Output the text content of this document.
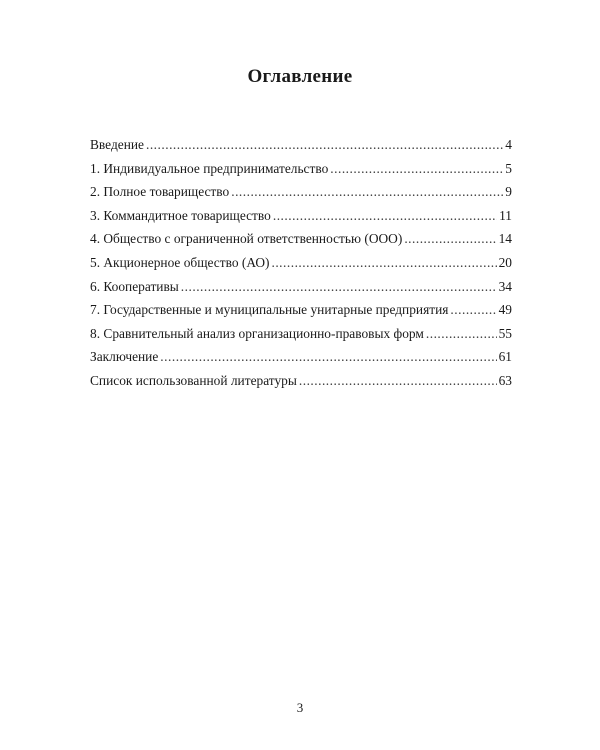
Оглавление
Введение .....	4
1. Индивидуальное предпринимательство .....	5
2. Полное товарищество .....	9
3. Коммандитное товарищество .....	11
4. Общество с ограниченной ответственностью (ООО) .....	14
5. Акционерное общество (АО) .....	20
6. Кооперативы .....	34
7. Государственные и муниципальные унитарные предприятия .....	49
8. Сравнительный анализ организационно-правовых форм .....	55
Заключение .....	61
Список использованной литературы .....	63
3
